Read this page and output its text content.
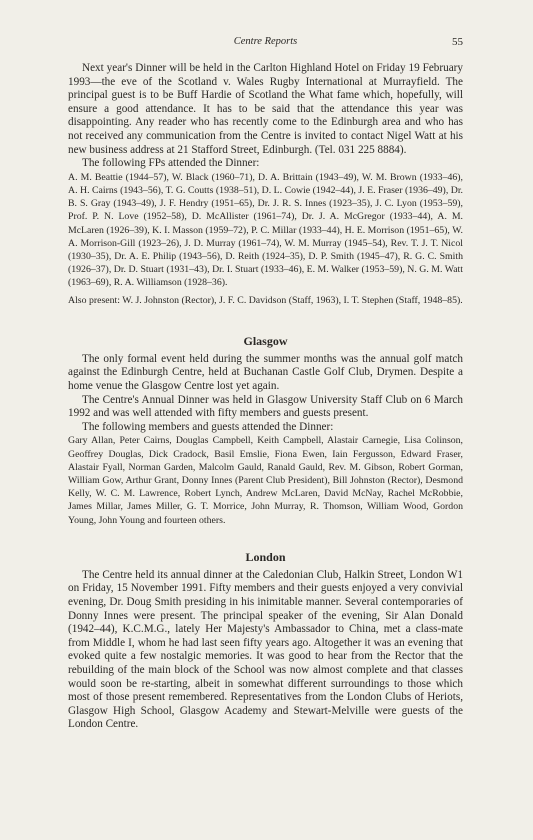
Centre Reports	55

Next year's Dinner will be held in the Carlton Highland Hotel on Friday 19 February 1993—the eve of the Scotland v. Wales Rugby International at Murrayfield. The principal guest is to be Buff Hardie of Scotland the What fame which, hopefully, will ensure a good attendance. It has to be said that the attendance this year was disappointing. Any reader who has recently come to the Edinburgh area and who has not received any communication from the Centre is invited to contact Nigel Watt at his new business address at 21 Stafford Street, Edinburgh. (Tel. 031 225 8884).

The following FPs attended the Dinner:

A. M. Beattie (1944–57), W. Black (1960–71), D. A. Brittain (1943–49), W. M. Brown (1933–46), A. H. Cairns (1943–56), T. G. Coutts (1938–51), D. L. Cowie (1942–44), J. E. Fraser (1936–49), Dr. B. S. Gray (1943–49), J. F. Hendry (1951–65), Dr. J. R. S. Innes (1923–35), J. C. Lyon (1953–59), Prof. P. N. Love (1952–58), D. McAllister (1961–74), Dr. J. A. McGregor (1933–44), A. M. McLaren (1926–39), K. I. Masson (1959–72), P. C. Millar (1933–44), H. E. Morrison (1951–65), W. A. Morrison-Gill (1923–26), J. D. Murray (1961–74), W. M. Murray (1945–54), Rev. T. J. T. Nicol (1930–35), Dr. A. E. Philip (1943–56), D. Reith (1924–35), D. P. Smith (1945–47), R. G. C. Smith (1926–37), Dr. D. Stuart (1931–43), Dr. I. Stuart (1933–46), E. M. Walker (1953–59), N. G. M. Watt (1963–69), R. A. Williamson (1928–36).

Also present: W. J. Johnston (Rector), J. F. C. Davidson (Staff, 1963), I. T. Stephen (Staff, 1948–85).

Glasgow

The only formal event held during the summer months was the annual golf match against the Edinburgh Centre, held at Buchanan Castle Golf Club, Drymen. Despite a home venue the Glasgow Centre lost yet again.

The Centre's Annual Dinner was held in Glasgow University Staff Club on 6 March 1992 and was well attended with fifty members and guests present.

The following members and guests attended the Dinner:

Gary Allan, Peter Cairns, Douglas Campbell, Keith Campbell, Alastair Carnegie, Lisa Colinson, Geoffrey Douglas, Dick Cradock, Basil Emslie, Fiona Ewen, Iain Fergusson, Edward Fraser, Alastair Fyall, Norman Garden, Malcolm Gauld, Ranald Gauld, Rev. M. Gibson, Robert Gorman, William Gow, Arthur Grant, Donny Innes (Parent Club President), Bill Johnston (Rector), Desmond Kelly, W. C. M. Lawrence, Robert Lynch, Andrew McLaren, David McNay, Rachel McRobbie, James Millar, James Miller, G. T. Morrice, John Murray, R. Thomson, William Wood, Gordon Young, John Young and fourteen others.

London

The Centre held its annual dinner at the Caledonian Club, Halkin Street, London W1 on Friday, 15 November 1991. Fifty members and their guests enjoyed a very convivial evening, Dr. Doug Smith presiding in his inimitable manner. Several contemporaries of Donny Innes were present. The principal speaker of the evening, Sir Alan Donald (1942–44), K.C.M.G., lately Her Majesty's Ambassador to China, met a class-mate from Middle I, whom he had last seen fifty years ago. Altogether it was an evening that evoked quite a few nostalgic memories. It was good to hear from the Rector that the rebuilding of the main block of the School was now almost complete and that classes would soon be re-starting, albeit in somewhat different surroundings to those which most of those present remembered. Representatives from the London Clubs of Heriots, Glasgow High School, Glasgow Academy and Stewart-Melville were guests of the London Centre.
